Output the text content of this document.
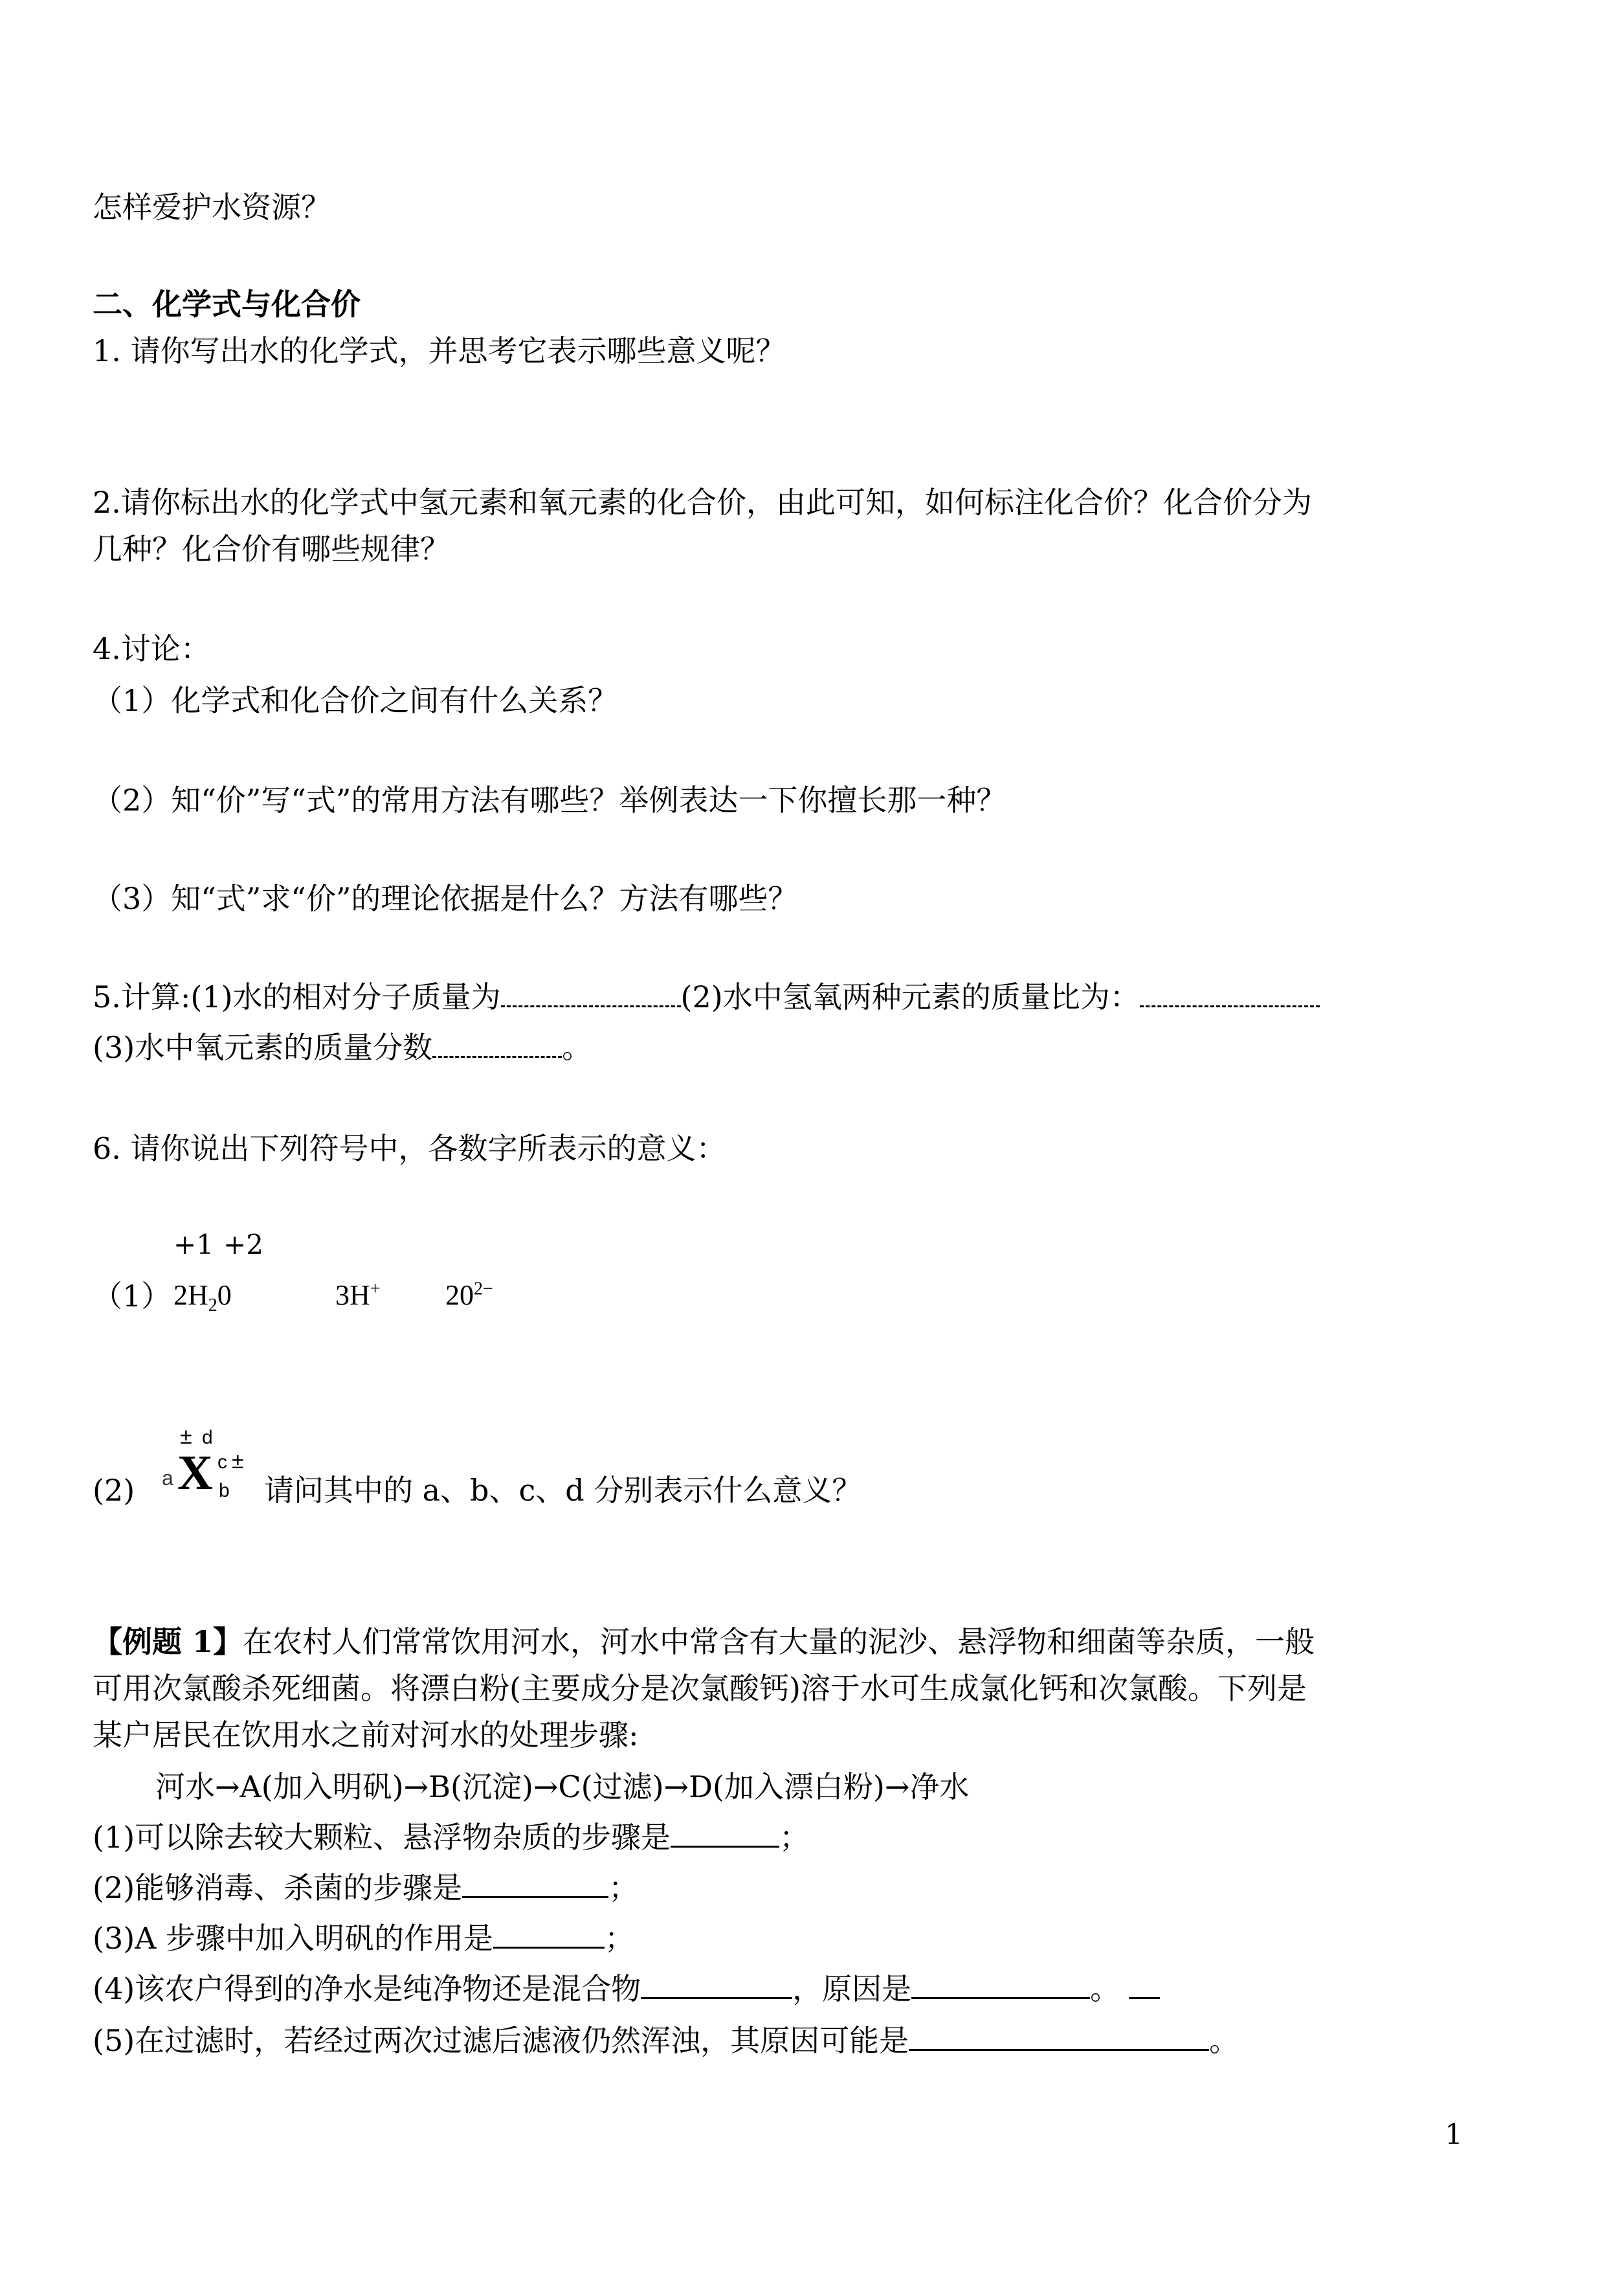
怎样爱护水资源？
二、化学式与化合价
1. 请你写出水的化学式，并思考它表示哪些意义呢？
2.请你标出水的化学式中氢元素和氧元素的化合价，由此可知，如何标注化合价？化合价分为
几种？化合价有哪些规律？
4.讨论：
（1）化学式和化合价之间有什么关系？
（2）知“价”写“式”的常用方法有哪些？举例表达一下你擅长那一种？
（3）知“式”求“价”的理论依据是什么？方法有哪些？
5.计算:(1)水的相对分子质量为	(2)水中氢氧两种元素的质量比为：
(3)水中氧元素的质量分数	。
6. 请你说出下列符号中，各数字所表示的意义：
+1 +2
（1） $2H_20$	3H+ $20^{2-}$
(2)
± d
a X c ±
b 请问其中的 a、b、c、d 分别表示什么意义？
【例题 1】在农村人们常常饮用河水，河水中常含有大量的泥沙、悬浮物和细菌等杂质，一般
可用次氯酸杀死细菌。将漂白粉(主要成分是次氯酸钙)溶于水可生成氯化钙和次氯酸。下列是
某户居民在饮用水之前对河水的处理步骤:
河水→A(加入明矾)→B(沉淀)→C(过滤)→D(加入漂白粉)→净水
(1)可以除去较大颗粒、悬浮物杂质的步骤是	；
(2)能够消毒、杀菌的步骤是	；
(3)A 步骤中加入明矾的作用是	；
(4)该农户得到的净水是纯净物还是混合物	，原因是	。
(5)在过滤时，若经过两次过滤后滤液仍然浑浊，其原因可能是	。
1
